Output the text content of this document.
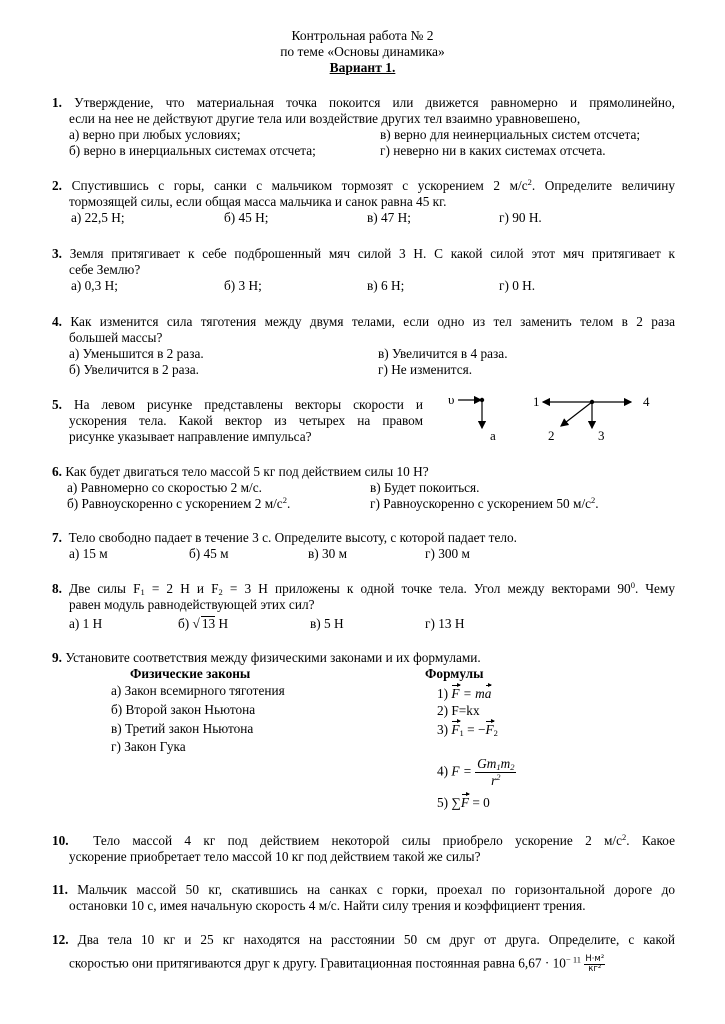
Контрольная работа № 2
по теме «Основы динамика»
Вариант 1.
1. Утверждение, что материальная точка покоится или движется равномерно и прямолинейно,
если на нее не действуют другие тела или воздействие других тел взаимно уравновешено,
а) верно при любых условиях;	в) верно для неинерциальных систем отсчета;
б) верно в инерциальных системах отсчета;	г) неверно ни в каких системах отсчета.
2. Спустившись с горы, санки с мальчиком тормозят с ускорением 2 $м/с^2$. Определите величину
тормозящей силы, если общая масса мальчика и санок равна 45 кг.
а) 22,5 Н;	б) 45 Н;	в) 47 Н;	г) 90 Н.
3. Земля притягивает к себе подброшенный мяч силой 3 Н. С какой силой этот мяч притягивает к
себе Землю?
а) 0,3 Н;	б) 3 Н;	в) 6 Н;	г) 0 Н.
4. Как изменится сила тяготения между двумя телами, если одно из тел заменить телом в 2 раза
большей массы?
а) Уменьшится в 2 раза.	в) Увеличится в 4 раза.
б) Увеличится в 2 раза.	г) Не изменится.
5. На левом рисунке представлены векторы скорости и
ускорения тела. Какой вектор из четырех на правом
рисунке указывает направление импульса?
υ
a
1	4
2	3
6. Как будет двигаться тело массой 5 кг под действием силы 10 Н?
а) Равномерно со скоростью 2 м/с.	в) Будет покоиться.
б) Равноускоренно с ускорением 2 $м/с^2$.	г) Равноускоренно с ускорением 50 $м/с^2$.
7. Тело свободно падает в течение 3 с. Определите высоту, с которой падает тело.
а) 15 м	б) 45 м	в) 30 м	г) 300 м
8. Две силы $F_1 = 2$ Н и $F_2 = 3$ Н приложены к одной точке тела. Угол между векторами $90^0$. Чему
равен модуль равнодействующей этих сил?
а) 1 Н	б) √ 13 Н	в) 5 Н	г) 13 Н
9. Установите соответствия между физическими законами и их формулами.
Физические законы	Формулы
а) Закон всемирного тяготения
б) Второй закон Ньютона
в) Третий закон Ньютона
г) Закон Гука
1) F = ma
2) F=kx
3) $F_1 = -F_2$
4) $F = \frac{Gm_1m_2}{r^2}$
5) ∑F = 0
10. Тело массой 4 кг под действием некоторой силы приобрело ускорение 2 $м/с^2$. Какое
ускорение приобретает тело массой 10 кг под действием такой же силы?
11. Мальчик массой 50 кг, скатившись на санках с горки, проехал по горизонтальной дороге до
остановки 10 с, имея начальную скорость 4 м/с. Найти силу трения и коэффициент трения.
12. Два тела 10 кг и 25 кг находятся на расстоянии 50 см друг от друга. Определите, с какой
скоростью они притягиваются друг к другу. Гравитационная постоянная равна $6,67 \cdot 10^{- 11} \frac{\text{Н·м²}}{\text{кг²}}$
